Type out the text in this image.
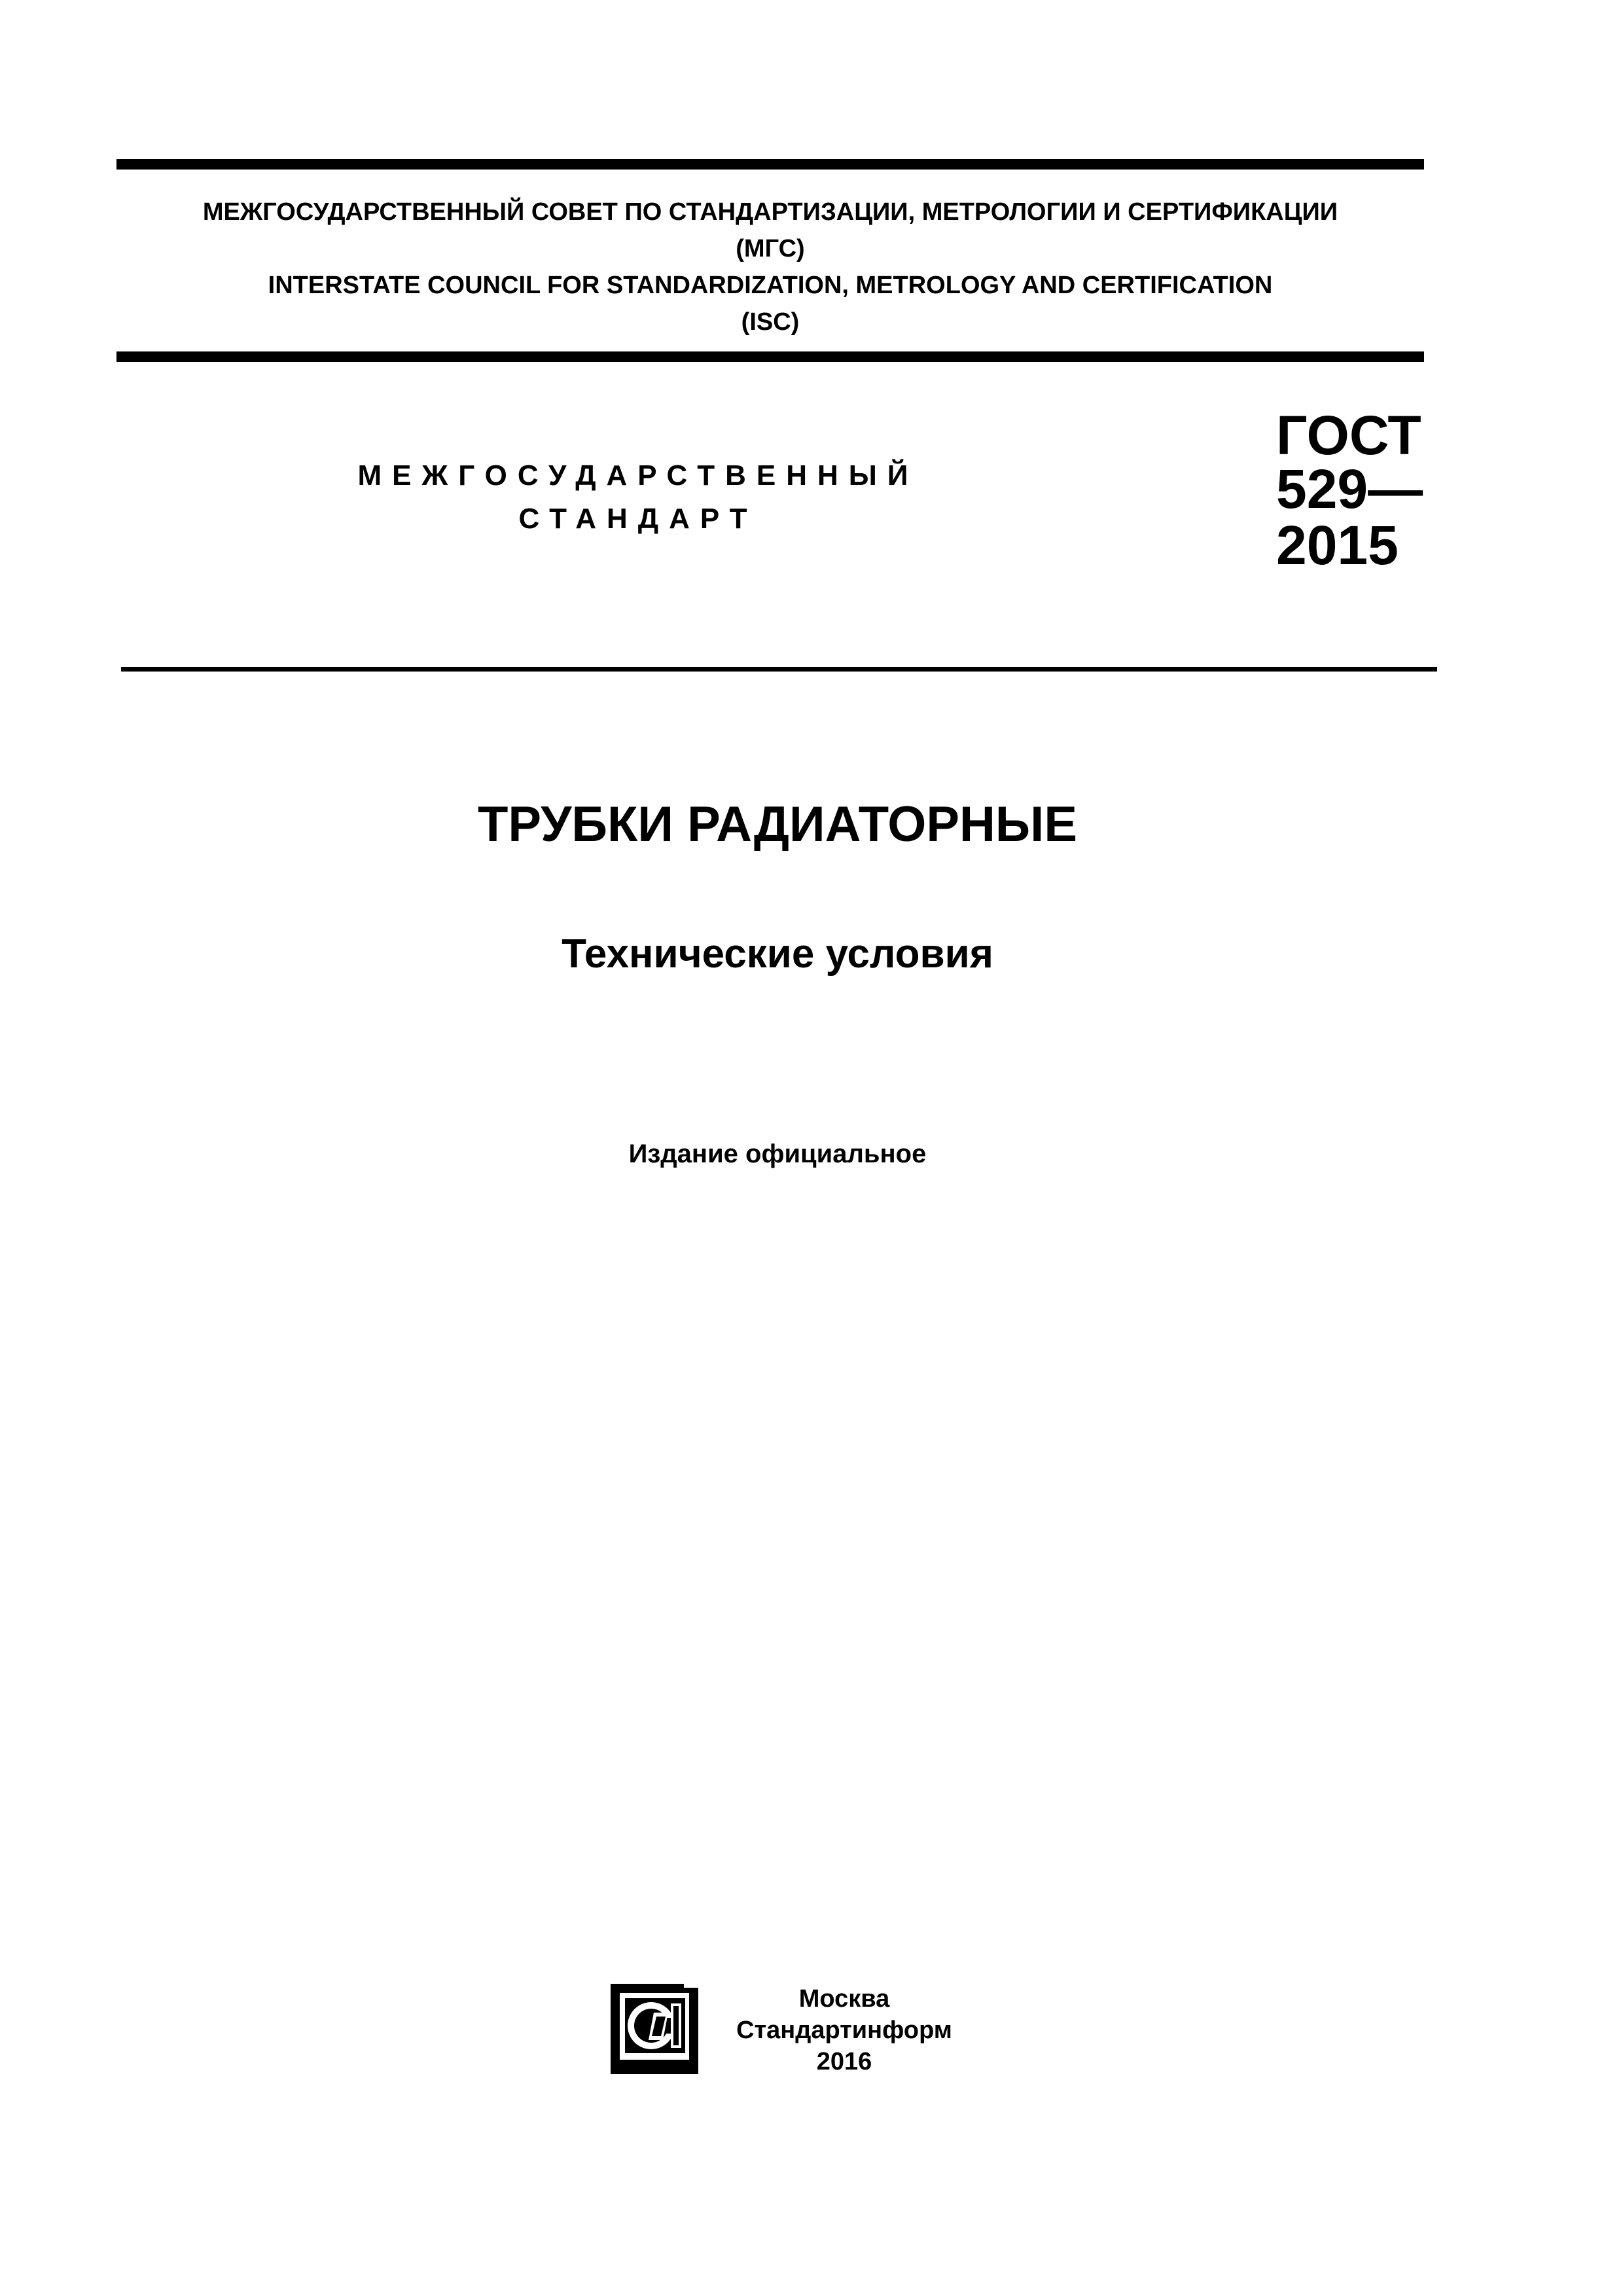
МЕЖГОСУДАРСТВЕННЫЙ СОВЕТ ПО СТАНДАРТИЗАЦИИ, МЕТРОЛОГИИ И СЕРТИФИКАЦИИ
(МГС)
INTERSTATE COUNCIL FOR STANDARDIZATION, METROLOGY AND CERTIFICATION
(ISC)
МЕЖГОСУДАРСТВЕННЫЙ
СТАНДАРТ
ГОСТ
529—
2015
ТРУБКИ РАДИАТОРНЫЕ
Технические условия
Издание официальное
Москва
Стандартинформ
2016
